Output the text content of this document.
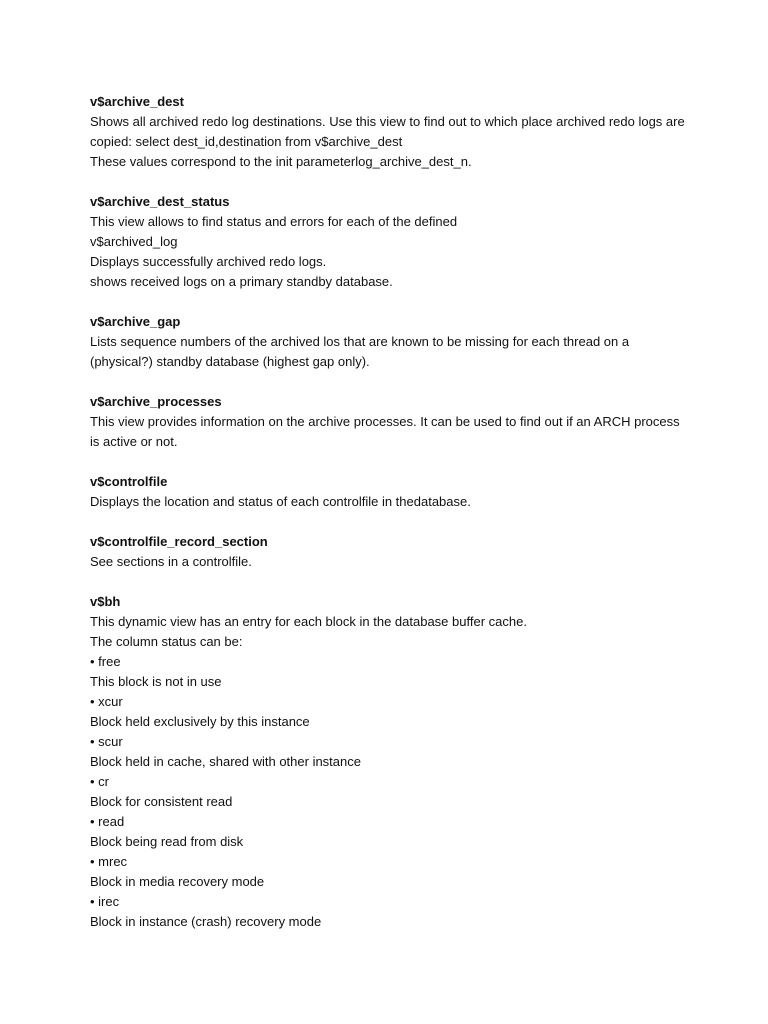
v$archive_dest
Shows all archived redo log destinations. Use this view to find out to which place archived redo logs are copied: select dest_id,destination from v$archive_dest
These values correspond to the init parameterlog_archive_dest_n.
v$archive_dest_status
This view allows to find status and errors for each of the defined
v$archived_log
Displays successfully archived redo logs.
shows received logs on a primary standby database.
v$archive_gap
Lists sequence numbers of the archived los that are known to be missing for each thread on a (physical?) standby database (highest gap only).
v$archive_processes
This view provides information on the archive processes. It can be used to find out if an ARCH process is active or not.
v$controlfile
Displays the location and status of each controlfile in thedatabase.
v$controlfile_record_section
See sections in a controlfile.
v$bh
This dynamic view has an entry for each block in the database buffer cache.
The column status can be:
• free
This block is not in use
• xcur
Block held exclusively by this instance
• scur
Block held in cache, shared with other instance
• cr
Block for consistent read
• read
Block being read from disk
• mrec
Block in media recovery mode
• irec
Block in instance (crash) recovery mode
